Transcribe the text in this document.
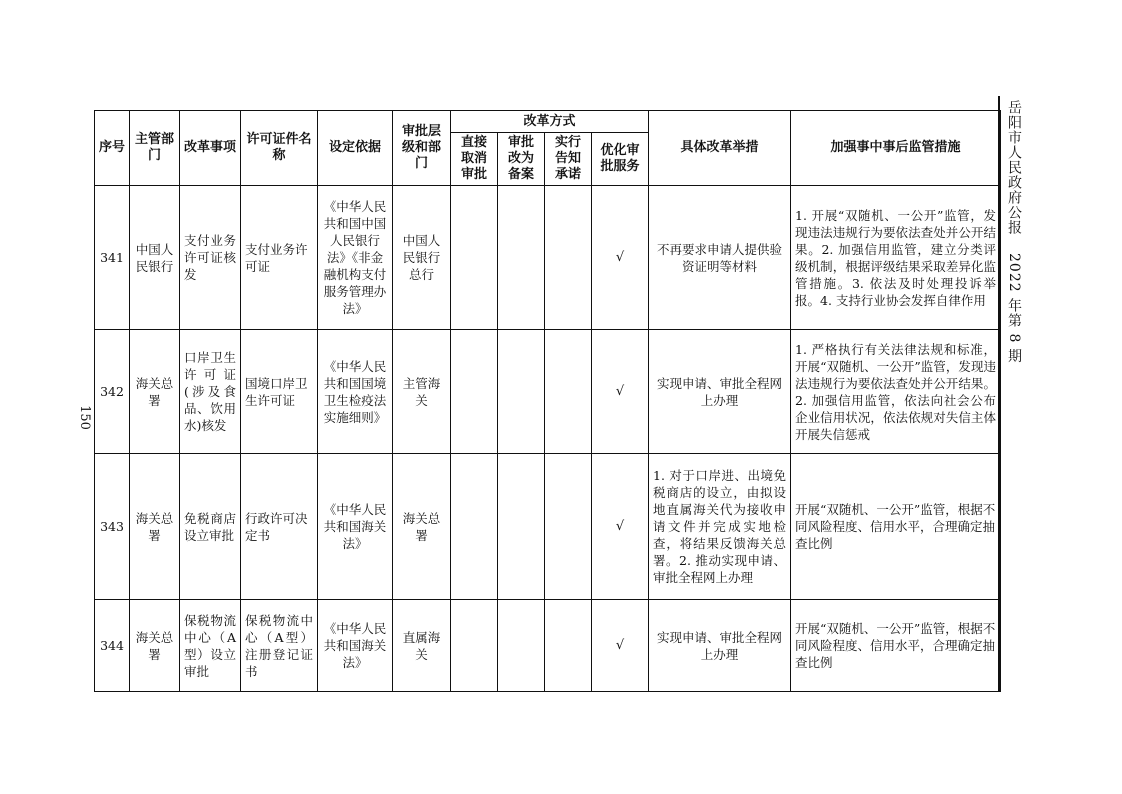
150
岳阳市人民政府公报2022 年第 8 期
序号	主管部门	改革事项	许可证件名称	设定依据	审批层级和部门	改革方式				具体改革举措	加强事中事后监管措施
						直接取消审批	审批改为备案	实行告知承诺	优化审批服务		
341	中国人民银行	支付业务许可证核发	支付业务许可证	《中华人民共和国中国人民银行法》《非金融机构支付服务管理办法》	中国人民银行总行				√	不再要求申请人提供验资证明等材料	1. 开展“双随机、一公开”监管，发现违法违规行为要依法查处并公开结果。2. 加强信用监管，建立分类评级机制，根据评级结果采取差异化监管措施。3. 依法及时处理投诉举报。4. 支持行业协会发挥自律作用
342	海关总署	口岸卫生许可证(涉及食品、饮用水)核发	国境口岸卫生许可证	《中华人民共和国国境卫生检疫法实施细则》	主管海关				√	实现申请、审批全程网上办理	1. 严格执行有关法律法规和标准，开展“双随机、一公开”监管，发现违法违规行为要依法查处并公开结果。2. 加强信用监管，依法向社会公布企业信用状况，依法依规对失信主体开展失信惩戒
343	海关总署	免税商店设立审批	行政许可决定书	《中华人民共和国海关法》	海关总署				√	1. 对于口岸进、出境免税商店的设立，由拟设地直属海关代为接收申请文件并完成实地检查，将结果反馈海关总署。2. 推动实现申请、审批全程网上办理	开展“双随机、一公开”监管，根据不同风险程度、信用水平，合理确定抽查比例
344	海关总署	保税物流中心（A型）设立审批	保税物流中心（A型）注册登记证书	《中华人民共和国海关法》	直属海关				√	实现申请、审批全程网上办理	开展“双随机、一公开”监管，根据不同风险程度、信用水平，合理确定抽查比例
